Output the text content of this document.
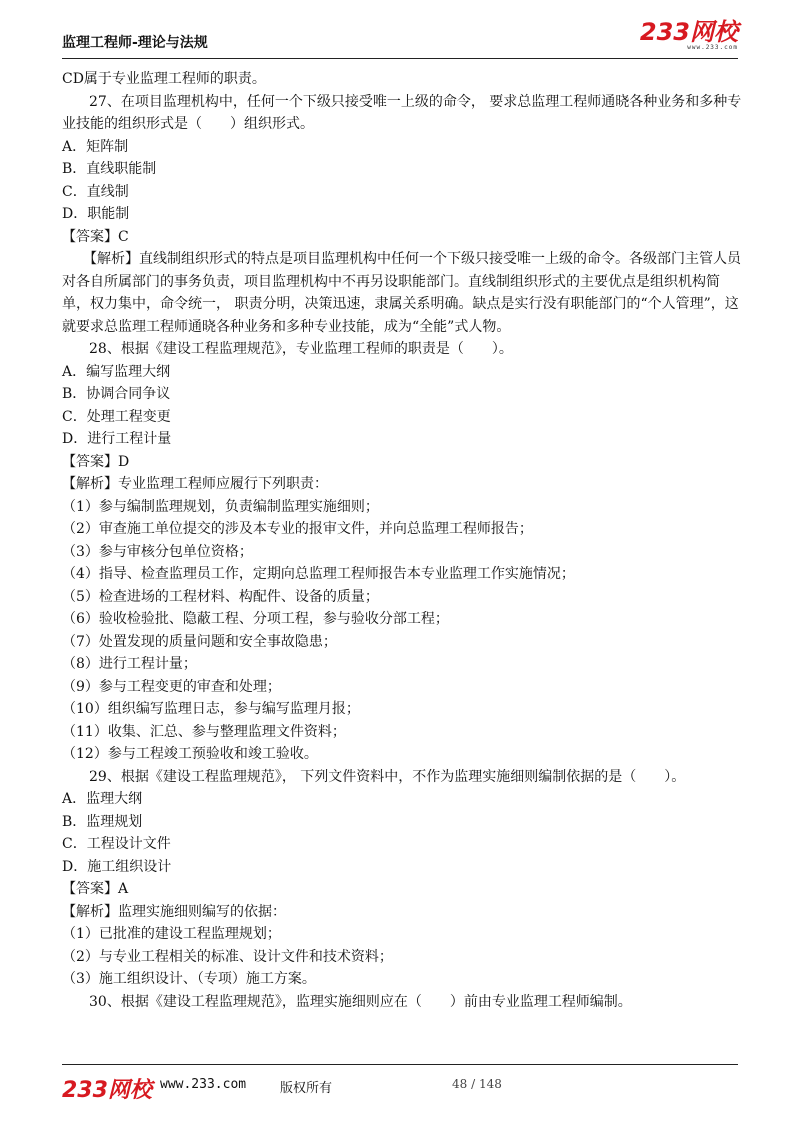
监理工程师-理论与法规	233网校
www.233.com

CD属于专业监理工程师的职责。

27、在项目监理机构中，任何一个下级只接受唯一上级的命令， 要求总监理工程师通晓各种业务和多种专业技能的组织形式是（　　）组织形式。

A．矩阵制

B．直线职能制

C．直线制

D．职能制

【答案】C

【解析】直线制组织形式的特点是项目监理机构中任何一个下级只接受唯一上级的命令。各级部门主管人员对各自所属部门的事务负责，项目监理机构中不再另设职能部门。直线制组织形式的主要优点是组织机构简单，权力集中，命令统一， 职责分明，决策迅速，隶属关系明确。缺点是实行没有职能部门的“个人管理”，这就要求总监理工程师通晓各种业务和多种专业技能，成为“全能”式人物。

28、根据《建设工程监理规范》，专业监理工程师的职责是（　　）。

A．编写监理大纲

B．协调合同争议

C．处理工程变更

D．进行工程计量

【答案】D

【解析】专业监理工程师应履行下列职责：

（1）参与编制监理规划，负责编制监理实施细则；

（2）审查施工单位提交的涉及本专业的报审文件，并向总监理工程师报告；

（3）参与审核分包单位资格；

（4）指导、检查监理员工作，定期向总监理工程师报告本专业监理工作实施情况；

（5）检查进场的工程材料、构配件、设备的质量；

（6）验收检验批、隐蔽工程、分项工程，参与验收分部工程；

（7）处置发现的质量问题和安全事故隐患；

（8）进行工程计量；

（9）参与工程变更的审查和处理；

（10）组织编写监理日志，参与编写监理月报；

（11）收集、汇总、参与整理监理文件资料；

（12）参与工程竣工预验收和竣工验收。

29、根据《建设工程监理规范》， 下列文件资料中，不作为监理实施细则编制依据的是（　　）。

A．监理大纲

B．监理规划

C．工程设计文件

D．施工组织设计

【答案】A

【解析】监理实施细则编写的依据：

（1）已批准的建设工程监理规划；

（2）与专业工程相关的标准、设计文件和技术资料；

（3）施工组织设计、（专项）施工方案。

30、根据《建设工程监理规范》，监理实施细则应在（　　）前由专业监理工程师编制。

233网校 www.233.com	版权所有	48 / 148
